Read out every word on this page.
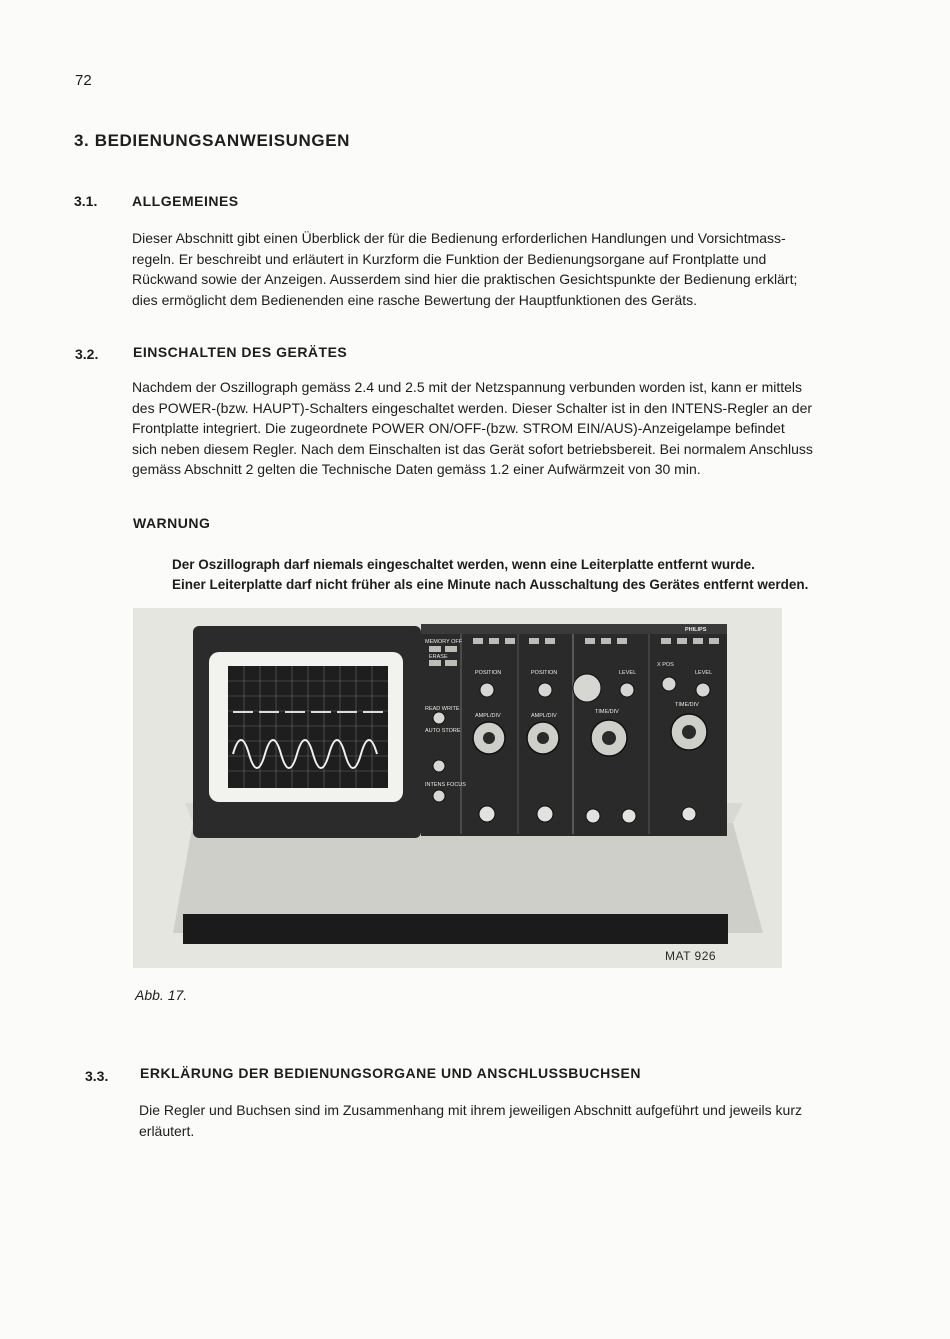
72
3. BEDIENUNGSANWEISUNGEN
3.1. ALLGEMEINES
Dieser Abschnitt gibt einen Überblick der für die Bedienung erforderlichen Handlungen und Vorsichtmass-
regeln. Er beschreibt und erläutert in Kurzform die Funktion der Bedienungsorgane auf Frontplatte und
Rückwand sowie der Anzeigen. Ausserdem sind hier die praktischen Gesichtspunkte der Bedienung erklärt;
dies ermöglicht dem Bedienenden eine rasche Bewertung der Hauptfunktionen des Geräts.
3.2. EINSCHALTEN DES GERÄTES
Nachdem der Oszillograph gemäss 2.4 und 2.5 mit der Netzspannung verbunden worden ist, kann er mittels
des POWER-(bzw. HAUPT)-Schalters eingeschaltet werden. Dieser Schalter ist in den INTENS-Regler an der
Frontplatte integriert. Die zugeordnete POWER ON/OFF-(bzw. STROM EIN/AUS)-Anzeigelampe befindet
sich neben diesem Regler. Nach dem Einschalten ist das Gerät sofort betriebsbereit. Bei normalem Anschluss
gemäss Abschnitt 2 gelten die Technische Daten gemäss 1.2 einer Aufwärmzeit von 30 min.
WARNUNG
Der Oszillograph darf niemals eingeschaltet werden, wenn eine Leiterplatte entfernt wurde.
Einer Leiterplatte darf nicht früher als eine Minute nach Ausschaltung des Gerätes entfernt werden.
PHILIPS
MEMORY OFF
ERASE
READ WRITE
AUTO STORE
INTENS FOCUS
POSITION	POSITION
AMPL/DIV	AMPL/DIV
TIME/DIV
TIME/DIV
LEVEL	LEVEL
X POS
MAT 926
Abb. 17.
3.3. ERKLÄRUNG DER BEDIENUNGSORGANE UND ANSCHLUSSBUCHSEN
Die Regler und Buchsen sind im Zusammenhang mit ihrem jeweiligen Abschnitt aufgeführt und jeweils kurz
erläutert.
